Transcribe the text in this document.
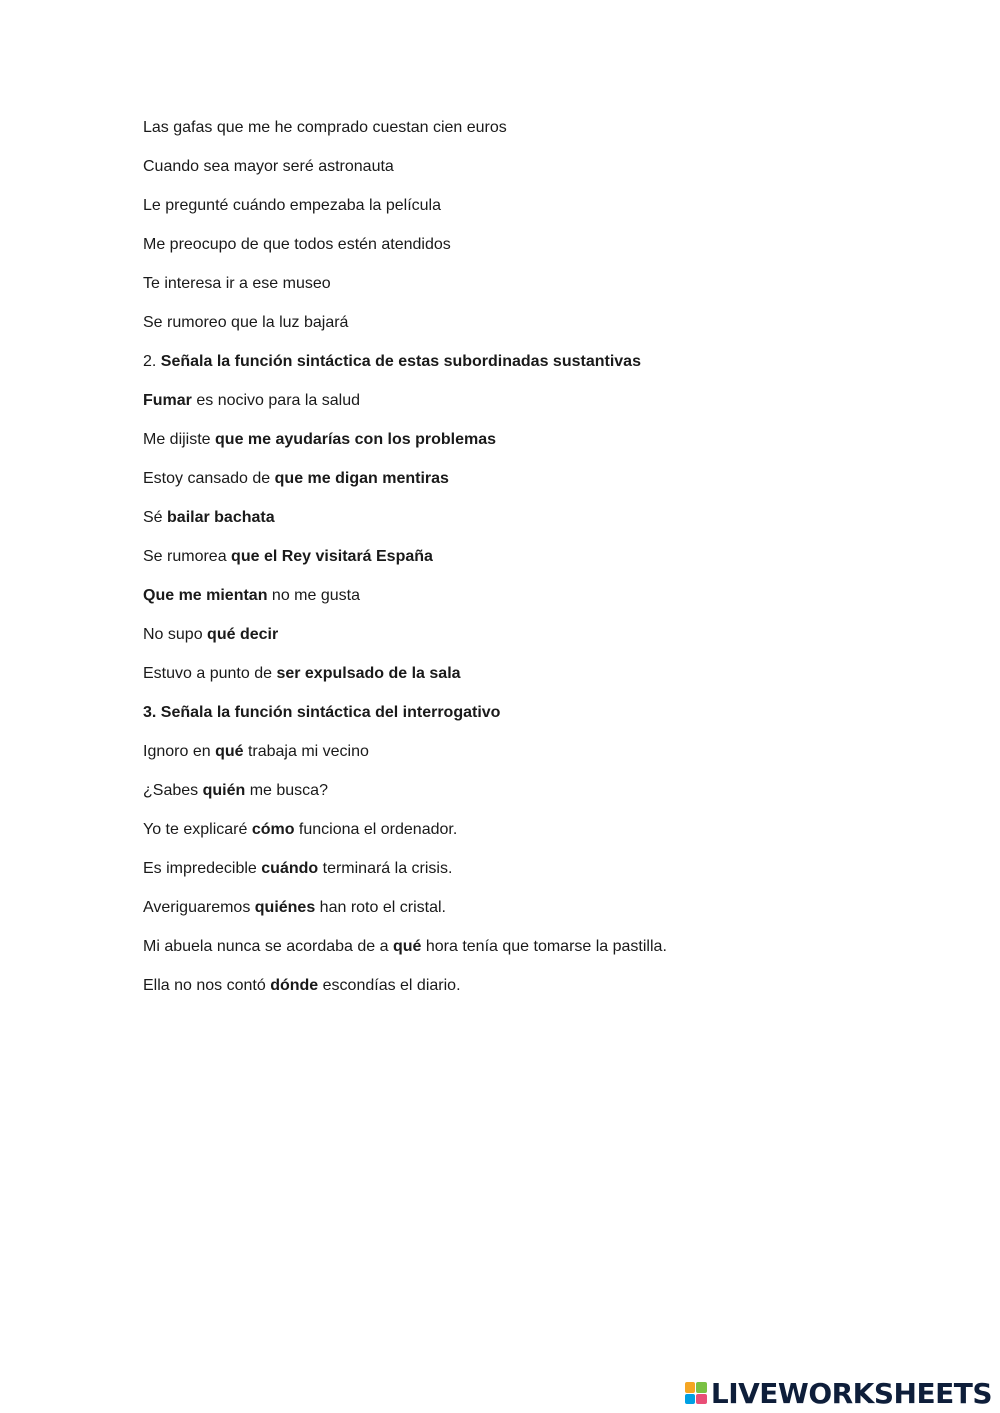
Las gafas que me he comprado cuestan cien euros
Cuando sea mayor seré astronauta
Le pregunté cuándo empezaba la película
Me preocupo de que todos estén atendidos
Te interesa ir a ese museo
Se rumoreo que la luz bajará
2. Señala la función sintáctica de estas subordinadas sustantivas
Fumar es nocivo para la salud
Me dijiste que me ayudarías con los problemas
Estoy cansado de que me digan mentiras
Sé bailar bachata
Se rumorea que el Rey visitará España
Que me mientan no me gusta
No supo qué decir
Estuvo a punto de ser expulsado de la sala
3. Señala la función sintáctica del interrogativo
Ignoro en qué trabaja mi vecino
¿Sabes quién me busca?
Yo te explicaré cómo funciona el ordenador.
Es impredecible cuándo terminará la crisis.
Averiguaremos quiénes han roto el cristal.
Mi abuela nunca se acordaba de a qué hora tenía que tomarse la pastilla.
Ella no nos contó dónde escondías el diario.
LIVEWORKSHEETS
